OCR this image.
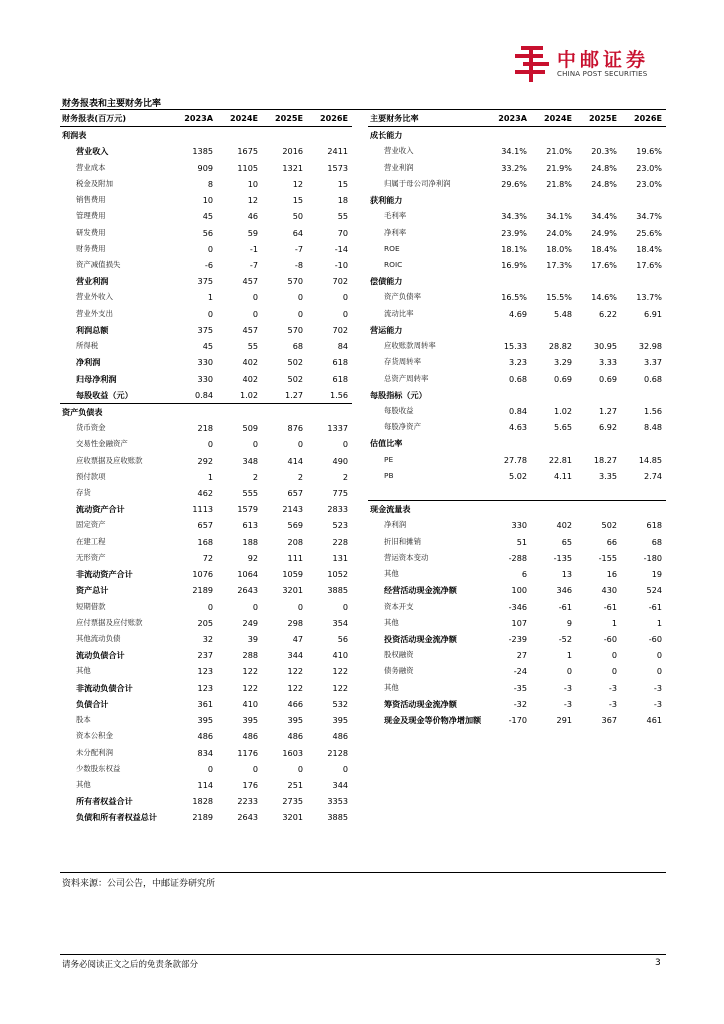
中邮证券
CHINA POST SECURITIES
财务报表和主要财务比率
财务报表(百万元)	2023A	2024E	2025E	2026E
利润表				
营业收入	1385	1675	2016	2411
营业成本	909	1105	1321	1573
税金及附加	8	10	12	15
销售费用	10	12	15	18
管理费用	45	46	50	55
研发费用	56	59	64	70
财务费用	0	-1	-7	-14
资产减值损失	-6	-7	-8	-10
营业利润	375	457	570	702
营业外收入	1	0	0	0
营业外支出	0	0	0	0
利润总额	375	457	570	702
所得税	45	55	68	84
净利润	330	402	502	618
归母净利润	330	402	502	618
每股收益（元）	0.84	1.02	1.27	1.56
资产负债表				
货币资金	218	509	876	1337
交易性金融资产	0	0	0	0
应收票据及应收账款	292	348	414	490
预付款项	1	2	2	2
存货	462	555	657	775
流动资产合计	1113	1579	2143	2833
固定资产	657	613	569	523
在建工程	168	188	208	228
无形资产	72	92	111	131
非流动资产合计	1076	1064	1059	1052
资产总计	2189	2643	3201	3885
短期借款	0	0	0	0
应付票据及应付账款	205	249	298	354
其他流动负债	32	39	47	56
流动负债合计	237	288	344	410
其他	123	122	122	122
非流动负债合计	123	122	122	122
负债合计	361	410	466	532
股本	395	395	395	395
资本公积金	486	486	486	486
未分配利润	834	1176	1603	2128
少数股东权益	0	0	0	0
其他	114	176	251	344
所有者权益合计	1828	2233	2735	3353
负债和所有者权益总计	2189	2643	3201	3885
主要财务比率	2023A	2024E	2025E	2026E
成长能力				
营业收入	34.1%	21.0%	20.3%	19.6%
营业利润	33.2%	21.9%	24.8%	23.0%
归属于母公司净利润	29.6%	21.8%	24.8%	23.0%
获利能力				
毛利率	34.3%	34.1%	34.4%	34.7%
净利率	23.9%	24.0%	24.9%	25.6%
ROE	18.1%	18.0%	18.4%	18.4%
ROIC	16.9%	17.3%	17.6%	17.6%
偿债能力				
资产负债率	16.5%	15.5%	14.6%	13.7%
流动比率	4.69	5.48	6.22	6.91
营运能力				
应收账款周转率	15.33	28.82	30.95	32.98
存货周转率	3.23	3.29	3.33	3.37
总资产周转率	0.68	0.69	0.69	0.68
每股指标（元）				
每股收益	0.84	1.02	1.27	1.56
每股净资产	4.63	5.65	6.92	8.48
估值比率				
PE	27.78	22.81	18.27	14.85
PB	5.02	4.11	3.35	2.74

现金流量表				
净利润	330	402	502	618
折旧和摊销	51	65	66	68
营运资本变动	-288	-135	-155	-180
其他	6	13	16	19
经营活动现金流净额	100	346	430	524
资本开支	-346	-61	-61	-61
其他	107	9	1	1
投资活动现金流净额	-239	-52	-60	-60
股权融资	27	1	0	0
债务融资	-24	0	0	0
其他	-35	-3	-3	-3
筹资活动现金流净额	-32	-3	-3	-3
现金及现金等价物净增加额	-170	291	367	461
资料来源：公司公告，中邮证券研究所
请务必阅读正文之后的免责条款部分	3
